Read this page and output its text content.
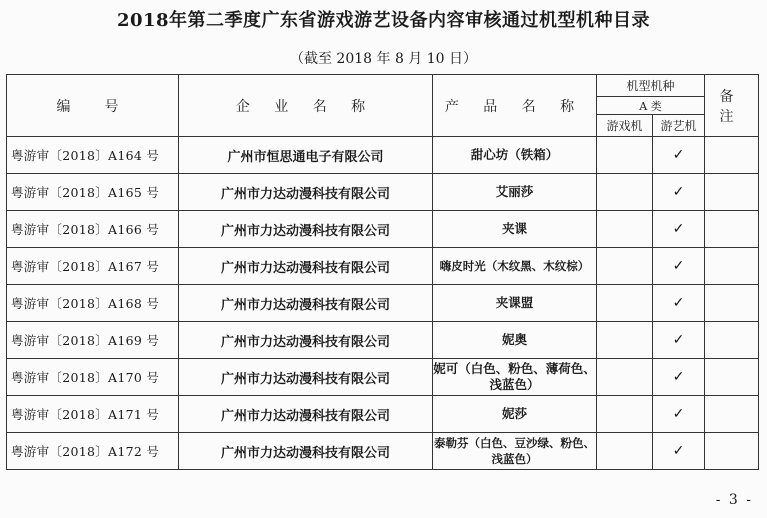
2018年第二季度广东省游戏游艺设备内容审核通过机型机种目录
（截至 2018 年 8 月 10 日）
编　号	企 业 名 称	产 品 名 称	机型机种		备 注
			A 类		
			游戏机	游艺机	
粤游审〔2018〕A164 号	广州市恒思通电子有限公司	甜心坊（铁箱）		✓	
粤游审〔2018〕A165 号	广州市力达动漫科技有限公司	艾丽莎		✓	
粤游审〔2018〕A166 号	广州市力达动漫科技有限公司	夹课		✓	
粤游审〔2018〕A167 号	广州市力达动漫科技有限公司	嗨皮时光（木纹黑、木纹棕）		✓	
粤游审〔2018〕A168 号	广州市力达动漫科技有限公司	夹课盟		✓	
粤游审〔2018〕A169 号	广州市力达动漫科技有限公司	妮奥		✓	
粤游审〔2018〕A170 号	广州市力达动漫科技有限公司	妮可（白色、粉色、薄荷色、浅蓝色）		✓	
粤游审〔2018〕A171 号	广州市力达动漫科技有限公司	妮莎		✓	
粤游审〔2018〕A172 号	广州市力达动漫科技有限公司	泰勒芬（白色、豆沙绿、粉色、浅蓝色）		✓	
- 3 -
